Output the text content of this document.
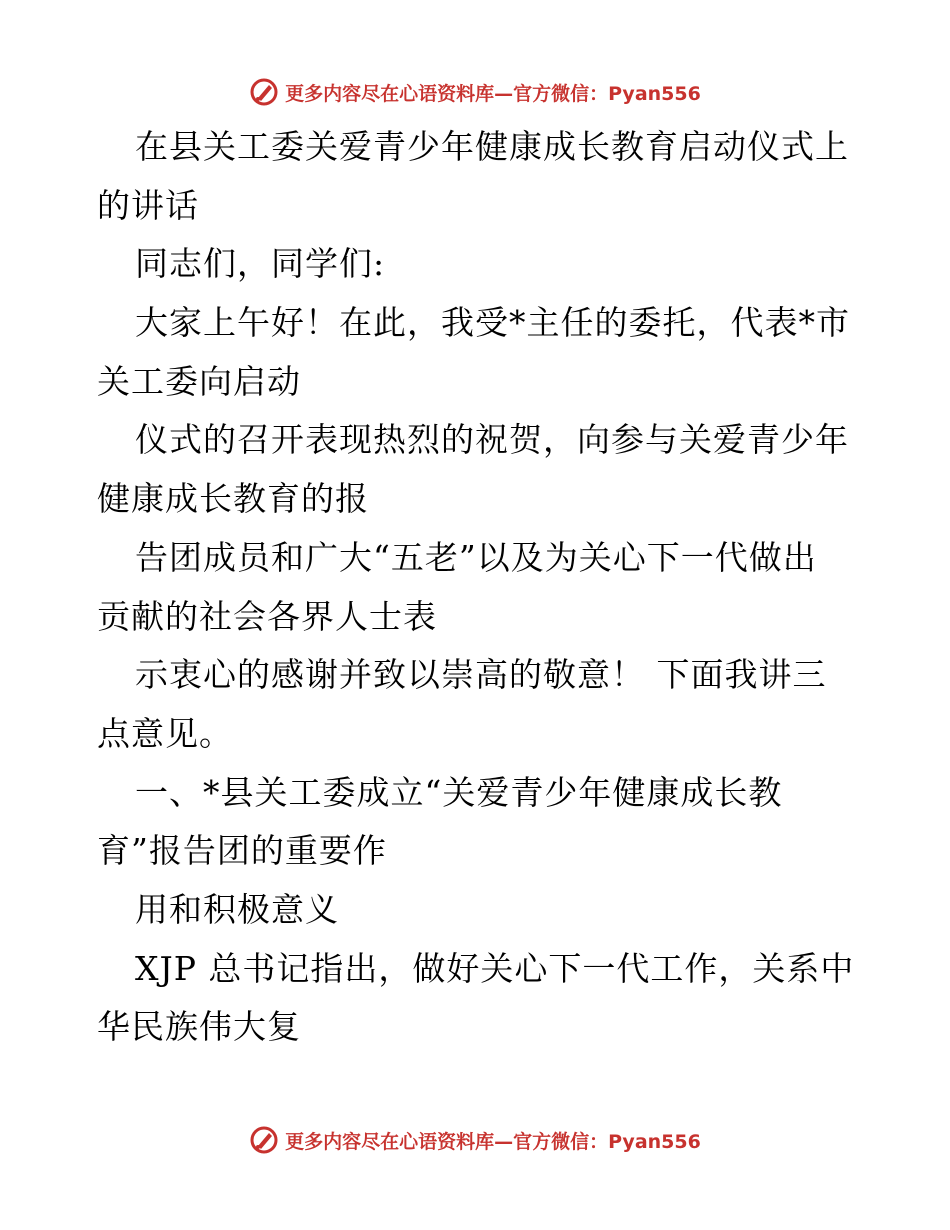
更多内容尽在心语资料库—官方微信：Pyan556
在县关工委关爱青少年健康成长教育启动仪式上
的讲话
同志们，同学们:
大家上午好！在此，我受*主任的委托，代表*市
关工委向启动
仪式的召开表现热烈的祝贺，向参与关爱青少年
健康成长教育的报
告团成员和广大“五老”以及为关心下一代做出
贡献的社会各界人士表
示衷心的感谢并致以崇高的敬意！ 下面我讲三
点意见。
一、*县关工委成立“关爱青少年健康成长教
育”报告团的重要作
用和积极意义
XJP 总书记指出，做好关心下一代工作，关系中
华民族伟大复
更多内容尽在心语资料库—官方微信：Pyan556
